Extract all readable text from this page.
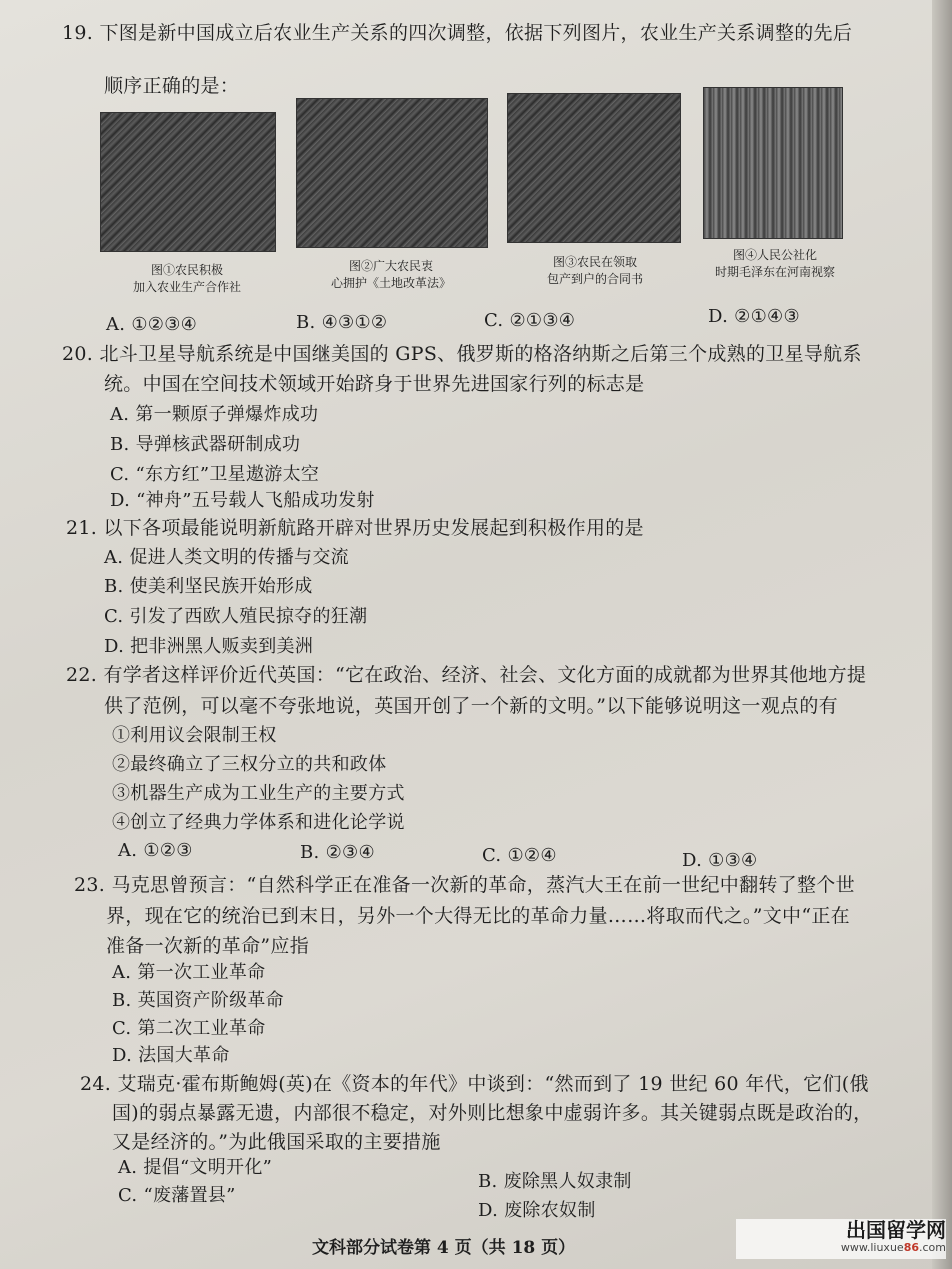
19. 下图是新中国成立后农业生产关系的四次调整，依据下列图片，农业生产关系调整的先后
顺序正确的是：
图①农民积极
加入农业生产合作社
图②广大农民衷
心拥护《土地改革法》
图③农民在领取
包产到户的合同书
图④人民公社化
时期毛泽东在河南视察
A. ①②③④	B. ④③①②	C. ②①③④	D. ②①④③
20. 北斗卫星导航系统是中国继美国的 GPS、俄罗斯的格洛纳斯之后第三个成熟的卫星导航系
统。中国在空间技术领域开始跻身于世界先进国家行列的标志是
A. 第一颗原子弹爆炸成功
B. 导弹核武器研制成功
C. “东方红”卫星遨游太空
D. “神舟”五号载人飞船成功发射
21. 以下各项最能说明新航路开辟对世界历史发展起到积极作用的是
A. 促进人类文明的传播与交流
B. 使美利坚民族开始形成
C. 引发了西欧人殖民掠夺的狂潮
D. 把非洲黑人贩卖到美洲
22. 有学者这样评价近代英国：“它在政治、经济、社会、文化方面的成就都为世界其他地方提
供了范例，可以毫不夸张地说，英国开创了一个新的文明。”以下能够说明这一观点的有
①利用议会限制王权
②最终确立了三权分立的共和政体
③机器生产成为工业生产的主要方式
④创立了经典力学体系和进化论学说
A. ①②③	B. ②③④	C. ①②④	D. ①③④
23. 马克思曾预言：“自然科学正在准备一次新的革命，蒸汽大王在前一世纪中翻转了整个世
界，现在它的统治已到末日，另外一个大得无比的革命力量……将取而代之。”文中“正在
准备一次新的革命”应指
A. 第一次工业革命
B. 英国资产阶级革命
C. 第二次工业革命
D. 法国大革命
24. 艾瑞克·霍布斯鲍姆(英)在《资本的年代》中谈到：“然而到了 19 世纪 60 年代，它们(俄
国)的弱点暴露无遗，内部很不稳定，对外则比想象中虚弱许多。其关键弱点既是政治的，
又是经济的。”为此俄国采取的主要措施
A. 提倡“文明开化”
B. 废除黑人奴隶制
C. “废藩置县”
D. 废除农奴制
文科部分试卷第 4 页（共 18 页）
出国留学网
www.liuxue86.com
